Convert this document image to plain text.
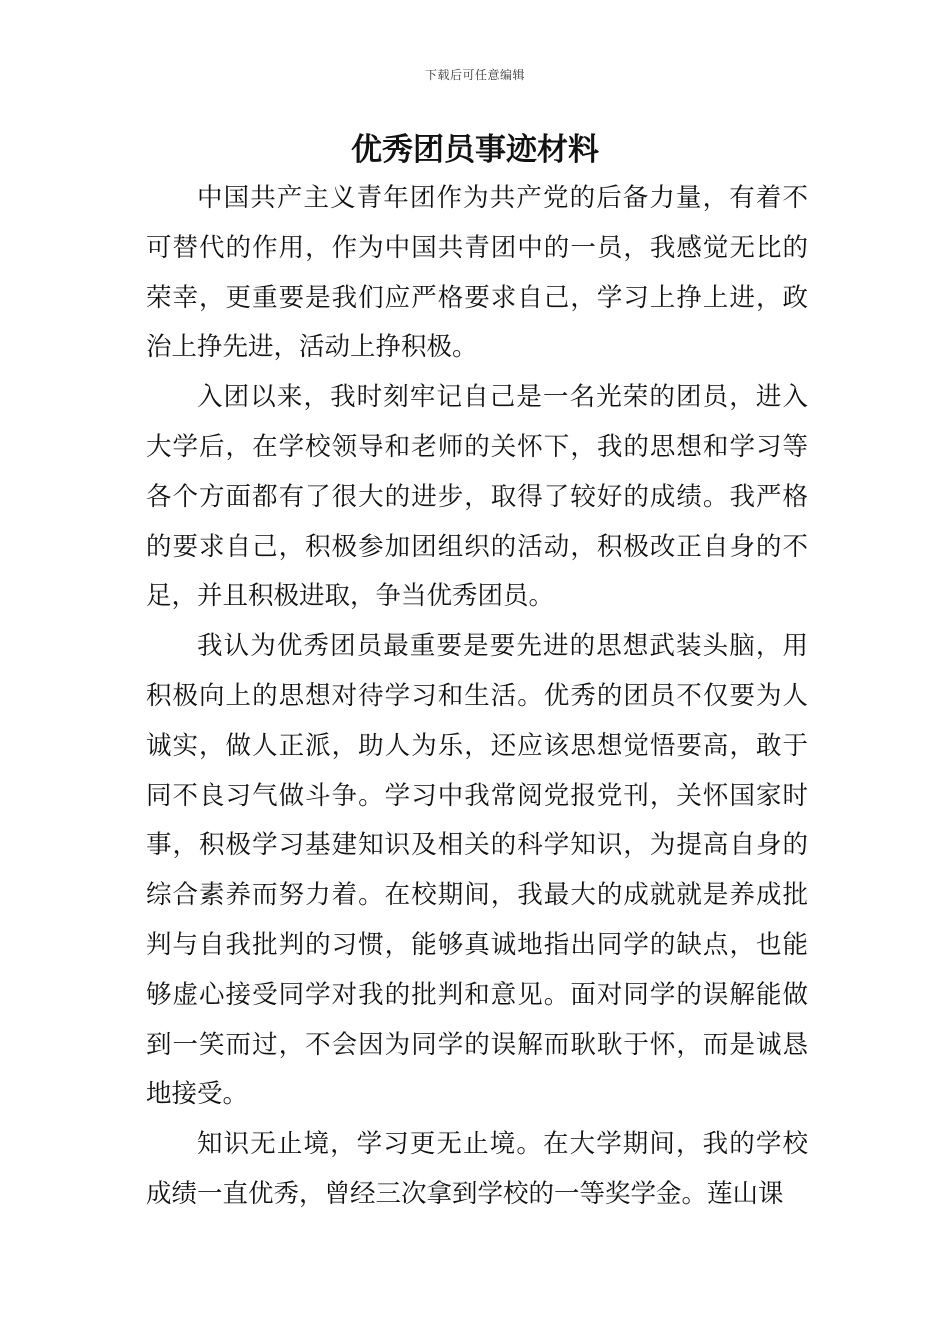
下载后可任意编辑
优秀团员事迹材料

中国共产主义青年团作为共产党的后备力量，有着不可替代的作用，作为中国共青团中的一员，我感觉无比的荣幸，更重要是我们应严格要求自己，学习上挣上进，政治上挣先进，活动上挣积极。

入团以来，我时刻牢记自己是一名光荣的团员，进入大学后，在学校领导和老师的关怀下，我的思想和学习等各个方面都有了很大的进步，取得了较好的成绩。我严格的要求自己，积极参加团组织的活动，积极改正自身的不足，并且积极进取，争当优秀团员。

我认为优秀团员最重要是要先进的思想武装头脑，用积极向上的思想对待学习和生活。优秀的团员不仅要为人诚实，做人正派，助人为乐，还应该思想觉悟要高，敢于同不良习气做斗争。学习中我常阅党报党刊，关怀国家时事，积极学习基建知识及相关的科学知识，为提高自身的综合素养而努力着。在校期间，我最大的成就就是养成批判与自我批判的习惯，能够真诚地指出同学的缺点，也能够虚心接受同学对我的批判和意见。面对同学的误解能做到一笑而过，不会因为同学的误解而耿耿于怀，而是诚恳地接受。

知识无止境，学习更无止境。在大学期间，我的学校成绩一直优秀，曾经三次拿到学校的一等奖学金。莲山课
